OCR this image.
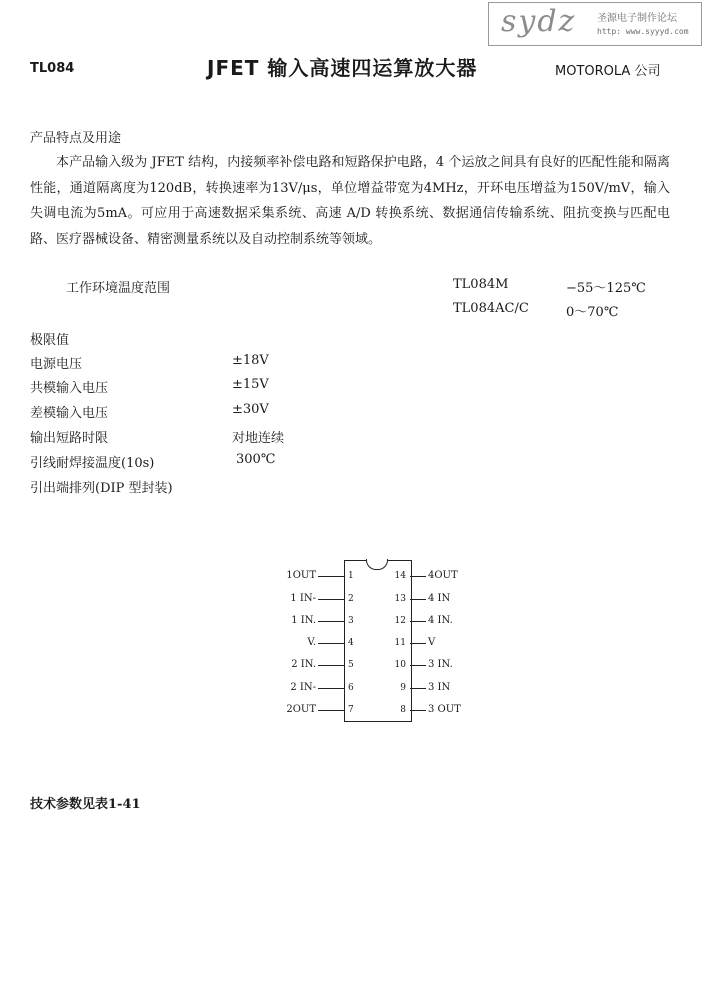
sydz 圣源电子制作论坛
http: www.syyyd.com
TL084	JFET 输入高速四运算放大器	MOTOROLA 公司
产品特点及用途
本产品输入级为 JFET 结构，内接频率补偿电路和短路保护电路，4 个运放之间具有良好的匹配性能和隔离性能，通道隔离度为120dB，转换速率为13V/μs，单位增益带宽为4MHz，开环电压增益为150V/mV，输入失调电流为5mA。可应用于高速数据采集系统、高速 A/D 转换系统、数据通信传输系统、阻抗变换与匹配电路、医疗器械设备、精密测量系统以及自动控制系统等领域。
工作环境温度范围	TL084M	−55～125℃
TL084AC/C	0～70℃
极限值
电源电压	±18V
共模输入电压	±15V
差模输入电压	±30V
输出短路时限	对地连续
引线耐焊接温度(10s)	300℃
引出端排列(DIP 型封装)
1OUT	1
1 IN-	2
1 IN.	3
V.	4
2 IN.	5
2 IN-	6
2OUT	7
14 4OUT
13 4 IN
12 4 IN.
11 V
10 3 IN.
9 3 IN
8 3 OUT
技术参数见表1-41
